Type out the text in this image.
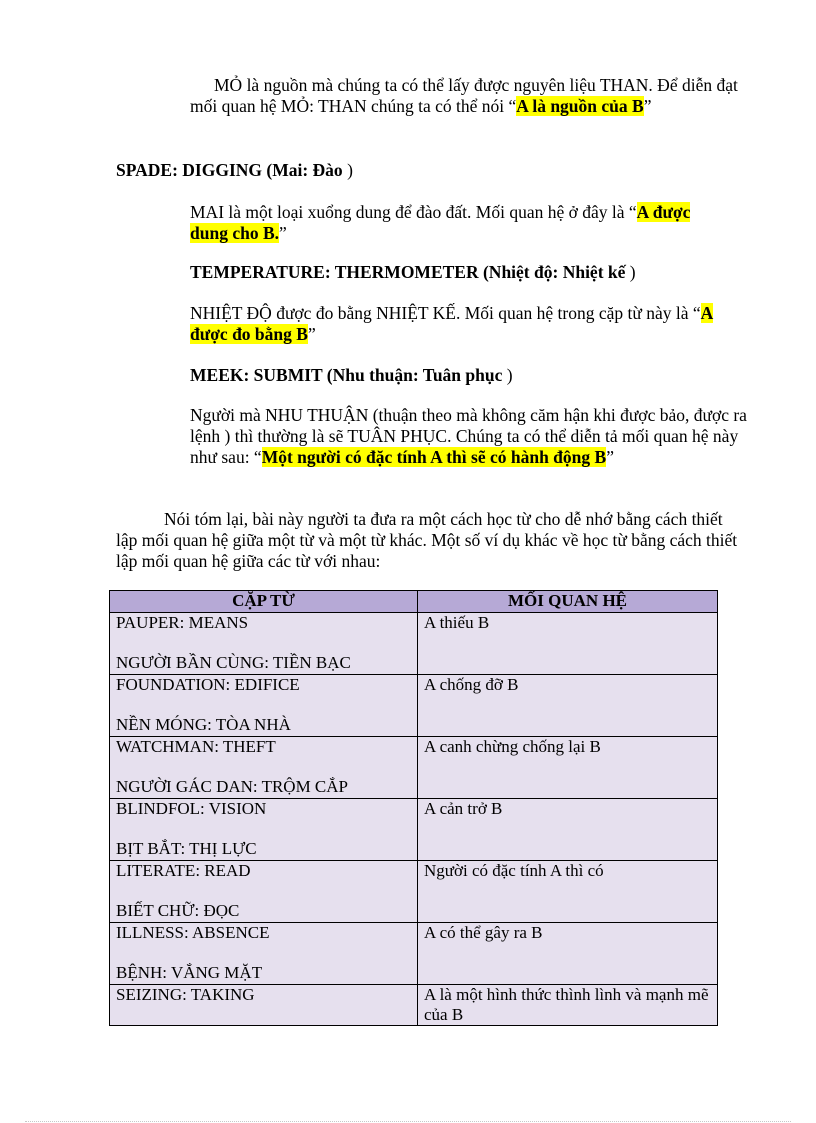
MỎ là nguồn mà chúng ta có thể lấy được nguyên liệu THAN. Để diễn đạt mối quan hệ MỎ: THAN chúng ta có thể nói “A là nguồn của B”
SPADE: DIGGING (Mai: Đào )
MAI là một loại xuổng dung để đào đất. Mối quan hệ ở đây là “A được dung cho B.”
TEMPERATURE: THERMOMETER (Nhiệt độ: Nhiệt kế )
NHIỆT ĐỘ được đo bằng NHIỆT KẾ. Mối quan hệ trong cặp từ này là “A được đo bằng B”
MEEK: SUBMIT (Nhu thuận: Tuân phục )
Người mà NHU THUẬN (thuận theo mà không căm hận khi được bảo, được ra lệnh ) thì thường là sẽ TUÂN PHỤC. Chúng ta có thể diễn tả mối quan hệ này như sau: “Một người có đặc tính A thì sẽ có hành động B”
Nói tóm lại, bài này người ta đưa ra một cách học từ cho dễ nhớ bằng cách thiết lập mối quan hệ giữa một từ và một từ khác. Một số ví dụ khác về học từ bằng cách thiết lập mối quan hệ giữa các từ với nhau:
CẶP TỪ	MỐI QUAN HỆ

PAUPER: MEANS
NGƯỜI BẦN CÙNG: TIỀN BẠC	A thiếu B

FOUNDATION: EDIFICE
NỀN MÓNG: TÒA NHÀ	A chống đỡ B

WATCHMAN: THEFT
NGƯỜI GÁC DAN: TRỘM CẮP	A canh chừng chống lại B

BLINDFOL: VISION
BỊT BẮT: THỊ LỰC	A cản trở B

LITERATE: READ
BIẾT CHỮ: ĐỌC	Người có đặc tính A thì có

ILLNESS: ABSENCE
BỆNH: VẮNG MẶT	A có thể gây ra B

SEIZING: TAKING	A là một hình thức thình lình và mạnh mẽ của B
